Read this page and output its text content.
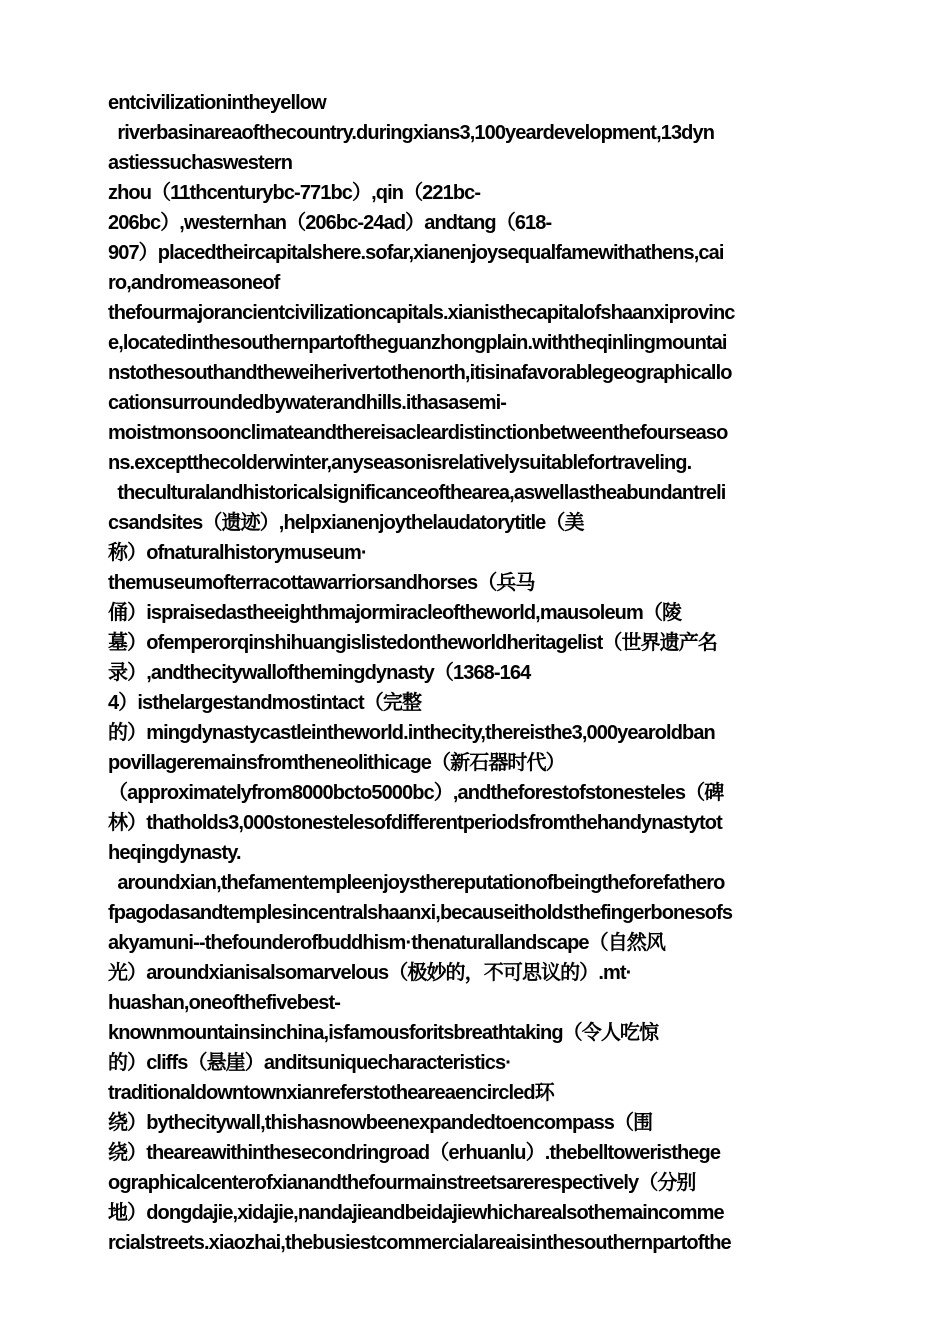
entcivilizationintheyellow
riverbasinareaofthecountry.duringxians3,100yeardevelopment,13dyn
astiessuchaswestern
zhou（11thcenturybc-771bc）,qin（221bc-
206bc）,westernhan（206bc-24ad）andtang（618-
907）placedtheircapitalshere.sofar,xianenjoysequalfamewithathens,cai
ro,andromeasoneof
thefourmajorancientcivilizationcapitals.xianisthecapitalofshaanxiprovinc
e,locatedinthesouthernpartoftheguanzhongplain.withtheqinlingmountai
nstothesouthandtheweiherivertothenorth,itisinafavorablegeographicallo
cationsurroundedbywaterandhills.ithasasemi-
moistmonsoonclimateandthereisacleardistinctionbetweenthefourseaso
ns.exceptthecolderwinter,anyseasonisrelativelysuitablefortraveling.
theculturalandhistoricalsignificanceofthearea,aswellastheabundantreli
csandsites（遗迹）,helpxianenjoythelaudatorytitle（美
称）ofnaturalhistorymuseum·
themuseumofterracottawarriorsandhorses（兵马
俑）ispraisedastheeighthmajormiracleoftheworld,mausoleum（陵
墓）ofemperorqinshihuangislistedontheworldheritagelist（世界遗产名
录）,andthecitywallofthemingdynasty（1368-164
4）isthelargestandmostintact（完整
的）mingdynastycastleintheworld.inthecity,thereisthe3,000yearoldban
povillageremainsfromtheneolithicage（新石器时代）
（approximatelyfrom8000bcto5000bc）,andtheforestofstonesteles（碑
林）thatholds3,000stonestelesofdifferentperiodsfromthehandynastytot
heqingdynasty.
aroundxian,thefamentempleenjoysthereputationofbeingtheforefathero
fpagodasandtemplesincentralshaanxi,becauseitholdsthefingerbonesofs
akyamuni--thefounderofbuddhism·thenaturallandscape（自然风
光）aroundxianisalsomarvelous（极妙的，不可思议的）.mt·
huashan,oneofthefivebest-
knownmountainsinchina,isfamousforitsbreathtaking（令人吃惊
的）cliffs（悬崖）anditsuniquecharacteristics·
traditionaldowntownxianreferstotheareaencircled环
绕）bythecitywall,thishasnowbeenexpandedtoencompass（围
绕）theareawithinthesecondringroad（erhuanlu）.thebelltoweristhege
ographicalcenterofxianandthefourmainstreetsarerespectively（分别
地）dongdajie,xidajie,nandajieandbeidajiewhicharealsothemaincomme
rcialstreets.xiaozhai,thebusiestcommercialareaisinthesouthernpartofthe
